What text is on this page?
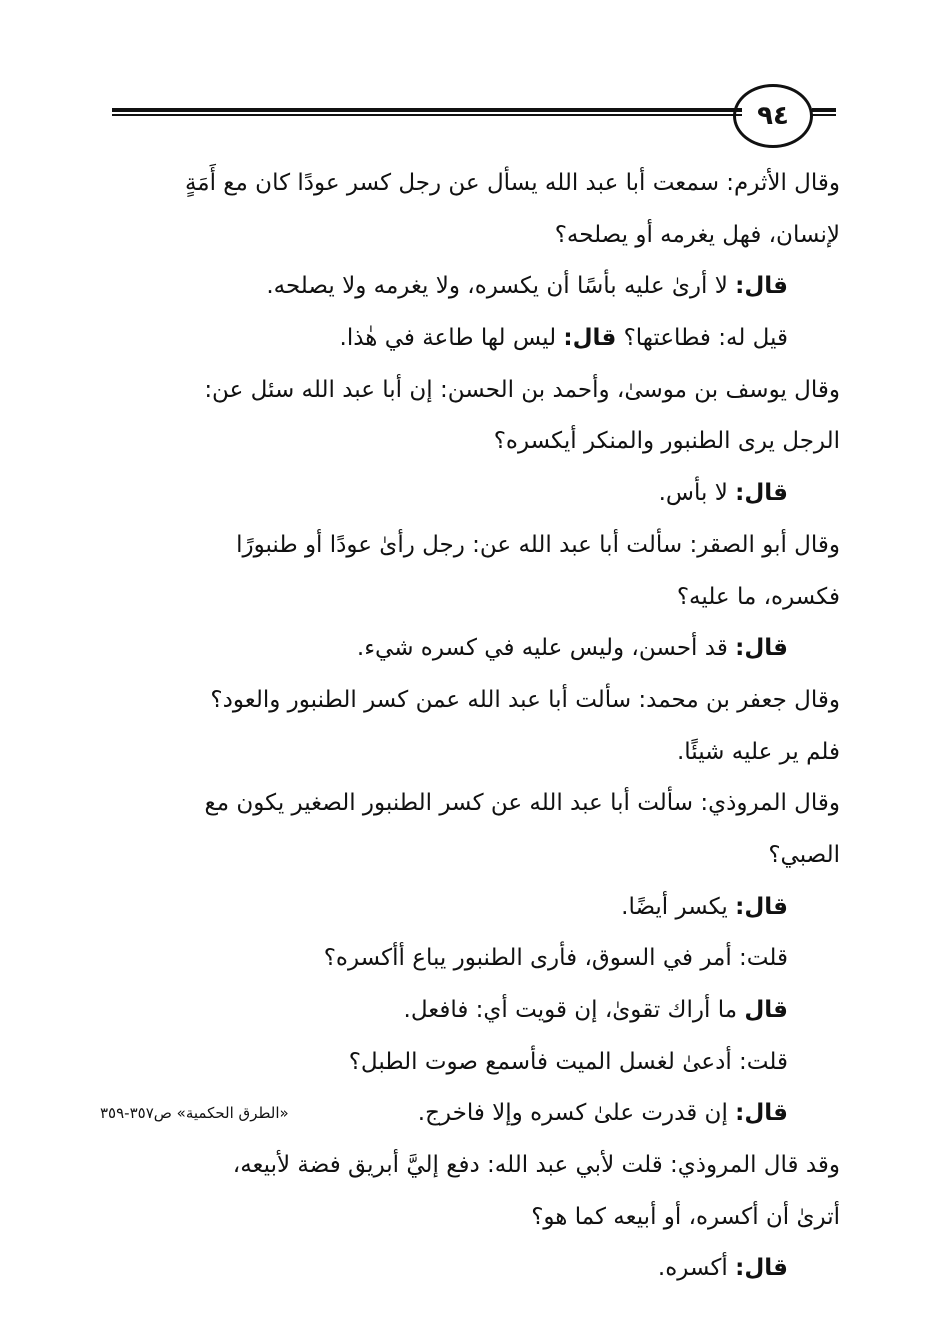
٩٤
وقال الأثرم: سمعت أبا عبد الله يسأل عن رجل كسر عودًا كان مع أَمَةٍ
لإنسان، فهل يغرمه أو يصلحه؟
قال: لا أرىٰ عليه بأسًا أن يكسره، ولا يغرمه ولا يصلحه.
قيل له: فطاعتها؟ قال: ليس لها طاعة في هٰذا.
وقال يوسف بن موسىٰ، وأحمد بن الحسن: إن أبا عبد الله سئل عن:
الرجل يرى الطنبور والمنكر أيكسره؟
قال: لا بأس.
وقال أبو الصقر: سألت أبا عبد الله عن: رجل رأىٰ عودًا أو طنبورًا
فكسره، ما عليه؟
قال: قد أحسن، وليس عليه في كسره شيء.
وقال جعفر بن محمد: سألت أبا عبد الله عمن كسر الطنبور والعود؟
فلم ير عليه شيئًا.
وقال المروذي: سألت أبا عبد الله عن كسر الطنبور الصغير يكون مع
الصبي؟
قال: يكسر أيضًا.
قلت: أمر في السوق، فأرى الطنبور يباع أأكسره؟
قال ما أراك تقوىٰ، إن قويت أي: فافعل.
قلت: أدعىٰ لغسل الميت فأسمع صوت الطبل؟
«الطرق الحكمية» ص٣٥٧-٣٥٩	قال: إن قدرت علىٰ كسره وإلا فاخرج.
وقد قال المروذي: قلت لأبي عبد الله: دفع إليَّ أبريق فضة لأبيعه،
أترىٰ أن أكسره، أو أبيعه كما هو؟
قال: أكسره.
